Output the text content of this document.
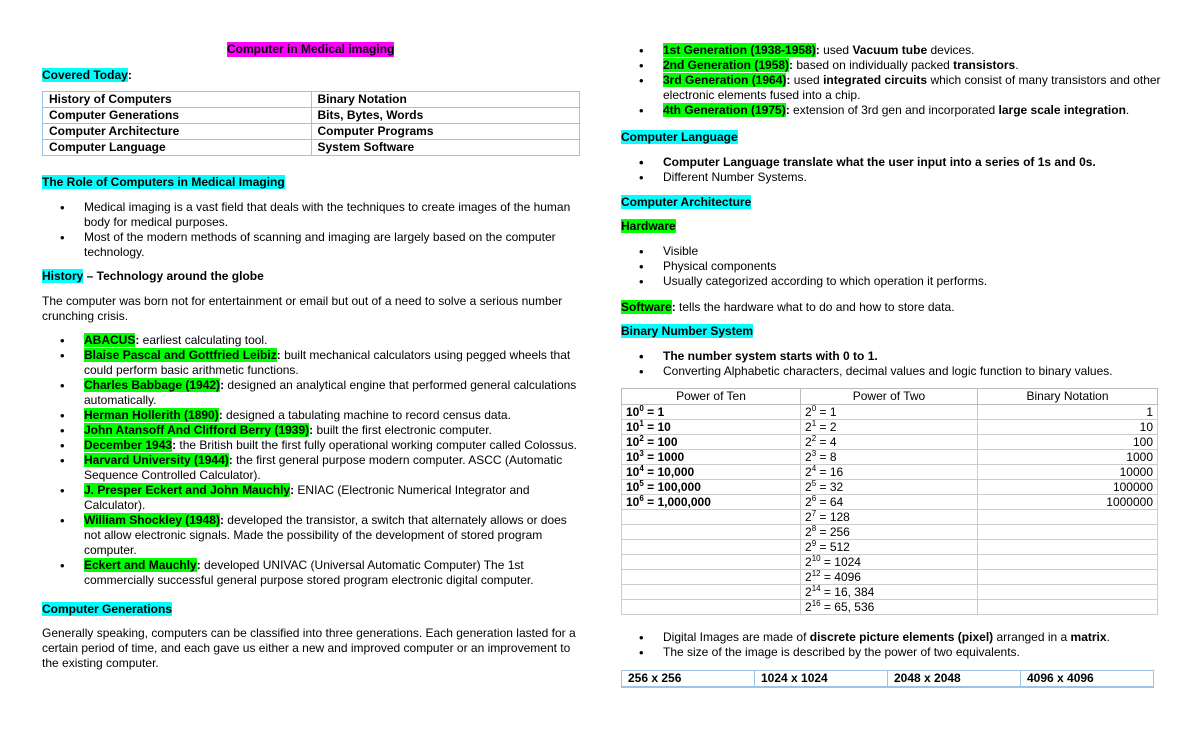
Computer in Medical imaging
Covered Today:
History of Computers	Binary Notation
Computer Generations	Bits, Bytes, Words
Computer Architecture	Computer Programs
Computer Language	System Software
The Role of Computers in Medical Imaging
• Medical imaging is a vast field that deals with the techniques to create images of the human body for medical purposes.
• Most of the modern methods of scanning and imaging are largely based on the computer technology.
History – Technology around the globe

The computer was born not for entertainment or email but out of a need to solve a serious number crunching crisis.

• ABACUS: earliest calculating tool.
• Blaise Pascal and Gottfried Leibiz: built mechanical calculators using pegged wheels that could perform basic arithmetic functions.
• Charles Babbage (1942): designed an analytical engine that performed general calculations automatically.
• Herman Hollerith (1890): designed a tabulating machine to record census data.
• John Atansoff And Clifford Berry (1939): built the first electronic computer.
• December 1943: the British built the first fully operational working computer called Colossus.
• Harvard University (1944): the first general purpose modern computer. ASCC (Automatic Sequence Controlled Calculator).
• J. Presper Eckert and John Mauchly: ENIAC (Electronic Numerical Integrator and Calculator).
• William Shockley (1948): developed the transistor, a switch that alternately allows or does not allow electronic signals. Made the possibility of the development of stored program computer.
• Eckert and Mauchly: developed UNIVAC (Universal Automatic Computer) The 1st commercially successful general purpose stored program electronic digital computer.
Computer Generations

Generally speaking, computers can be classified into three generations. Each generation lasted for a certain period of time, and each gave us either a new and improved computer or an improvement to the existing computer.

• 1st Generation (1938-1958): used Vacuum tube devices.
• 2nd Generation (1958): based on individually packed transistors.
• 3rd Generation (1964): used integrated circuits which consist of many transistors and other electronic elements fused into a chip.
• 4th Generation (1975): extension of 3rd gen and incorporated large scale integration.
Computer Language
• Computer Language translate what the user input into a series of 1s and 0s.
• Different Number Systems.
Computer Architecture
Hardware
• Visible
• Physical components
• Usually categorized according to which operation it performs.

Software: tells the hardware what to do and how to store data.

Binary Number System
• The number system starts with 0 to 1.
• Converting Alphabetic characters, decimal values and logic function to binary values.
Power of Ten	Power of Two	Binary Notation
$10^0 = 1$	$2^0 = 1$	1
$10^1 = 10$	$2^1 = 2$	10
$10^2 = 100$	$2^2 = 4$	100
$10^3 = 1000$	$2^3 = 8$	1000
$10^4 = 10,000$	$2^4 = 16$	10000
$10^5 = 100,000$	$2^5 = 32$	100000
$10^6 = 1,000,000$	$2^6 = 64$	1000000
	$2^7 = 128$	
	$2^8 = 256$	
	$2^9 = 512$	
	$2^{10} = 1024$	
	$2^{12} = 4096$	
	$2^{14} = 16$, 384	
	$2^{16} = 65$, 536	
• Digital Images are made of discrete picture elements (pixel) arranged in a matrix.
• The size of the image is described by the power of two equivalents.
256 x 256	1024 x 1024	2048 x 2048	4096 x 4096
